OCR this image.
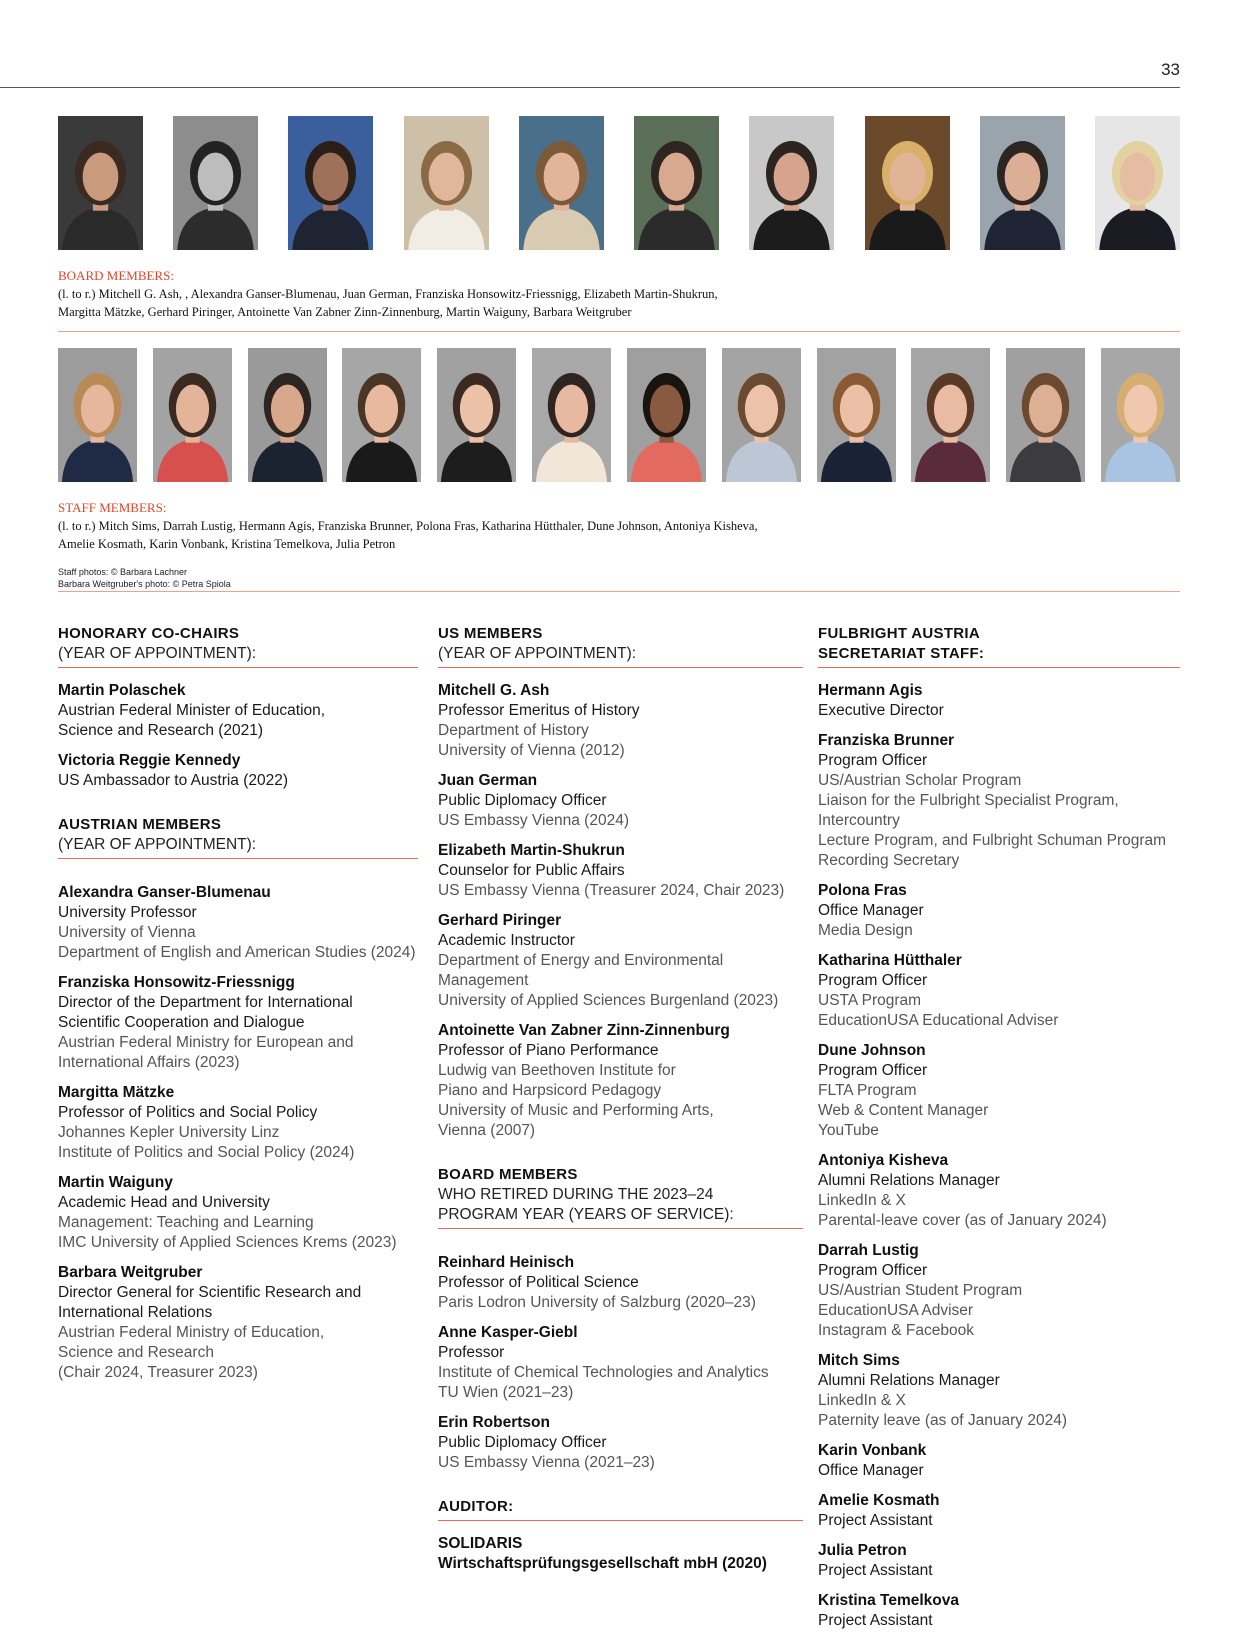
33
BOARD MEMBERS:
(l. to r.) Mitchell G. Ash, , Alexandra Ganser-Blumenau, Juan German, Franziska Honsowitz-Friessnigg, Elizabeth Martin-Shukrun,
Margitta Mätzke, Gerhard Piringer, Antoinette Van Zabner Zinn-Zinnenburg, Martin Waiguny, Barbara Weitgruber
STAFF MEMBERS:
(l. to r.) Mitch Sims, Darrah Lustig, Hermann Agis, Franziska Brunner, Polona Fras, Katharina Hütthaler, Dune Johnson, Antoniya Kisheva,
Amelie Kosmath, Karin Vonbank, Kristina Temelkova, Julia Petron
Staff photos: © Barbara Lachner
Barbara Weitgruber's photo: © Petra Spiola
HONORARY CO-CHAIRS
(YEAR OF APPOINTMENT):
Martin Polaschek
Austrian Federal Minister of Education,
Science and Research (2021)
Victoria Reggie Kennedy
US Ambassador to Austria (2022)
AUSTRIAN MEMBERS
(YEAR OF APPOINTMENT):
Alexandra Ganser-Blumenau
University Professor
University of Vienna
Department of English and American Studies (2024)
Franziska Honsowitz-Friessnigg
Director of the Department for International
Scientific Cooperation and Dialogue
Austrian Federal Ministry for European and
International Affairs (2023)
Margitta Mätzke
Professor of Politics and Social Policy
Johannes Kepler University Linz
Institute of Politics and Social Policy (2024)
Martin Waiguny
Academic Head and University
Management: Teaching and Learning
IMC University of Applied Sciences Krems (2023)
Barbara Weitgruber
Director General for Scientific Research and
International Relations
Austrian Federal Ministry of Education,
Science and Research
(Chair 2024, Treasurer 2023)
US MEMBERS
(YEAR OF APPOINTMENT):
Mitchell G. Ash
Professor Emeritus of History
Department of History
University of Vienna (2012)
Juan German
Public Diplomacy Officer
US Embassy Vienna (2024)
Elizabeth Martin-Shukrun
Counselor for Public Affairs
US Embassy Vienna (Treasurer 2024, Chair 2023)
Gerhard Piringer
Academic Instructor
Department of Energy and Environmental Management
University of Applied Sciences Burgenland (2023)
Antoinette Van Zabner Zinn-Zinnenburg
Professor of Piano Performance
Ludwig van Beethoven Institute for
Piano and Harpsicord Pedagogy
University of Music and Performing Arts,
Vienna (2007)
BOARD MEMBERS
WHO RETIRED DURING THE 2023–24
PROGRAM YEAR (YEARS OF SERVICE):
Reinhard Heinisch
Professor of Political Science
Paris Lodron University of Salzburg (2020–23)
Anne Kasper-Giebl
Professor
Institute of Chemical Technologies and Analytics
TU Wien (2021–23)
Erin Robertson
Public Diplomacy Officer
US Embassy Vienna (2021–23)
AUDITOR:
SOLIDARIS
Wirtschaftsprüfungsgesellschaft mbH (2020)
FULBRIGHT AUSTRIA
SECRETARIAT STAFF:
Hermann Agis
Executive Director
Franziska Brunner
Program Officer
US/Austrian Scholar Program
Liaison for the Fulbright Specialist Program, Intercountry
Lecture Program, and Fulbright Schuman Program
Recording Secretary
Polona Fras
Office Manager
Media Design
Katharina Hütthaler
Program Officer
USTA Program
EducationUSA Educational Adviser
Dune Johnson
Program Officer
FLTA Program
Web & Content Manager
YouTube
Antoniya Kisheva
Alumni Relations Manager
LinkedIn & X
Parental-leave cover (as of January 2024)
Darrah Lustig
Program Officer
US/Austrian Student Program
EducationUSA Adviser
Instagram & Facebook
Mitch Sims
Alumni Relations Manager
LinkedIn & X
Paternity leave (as of January 2024)
Karin Vonbank
Office Manager
Amelie Kosmath
Project Assistant
Julia Petron
Project Assistant
Kristina Temelkova
Project Assistant
